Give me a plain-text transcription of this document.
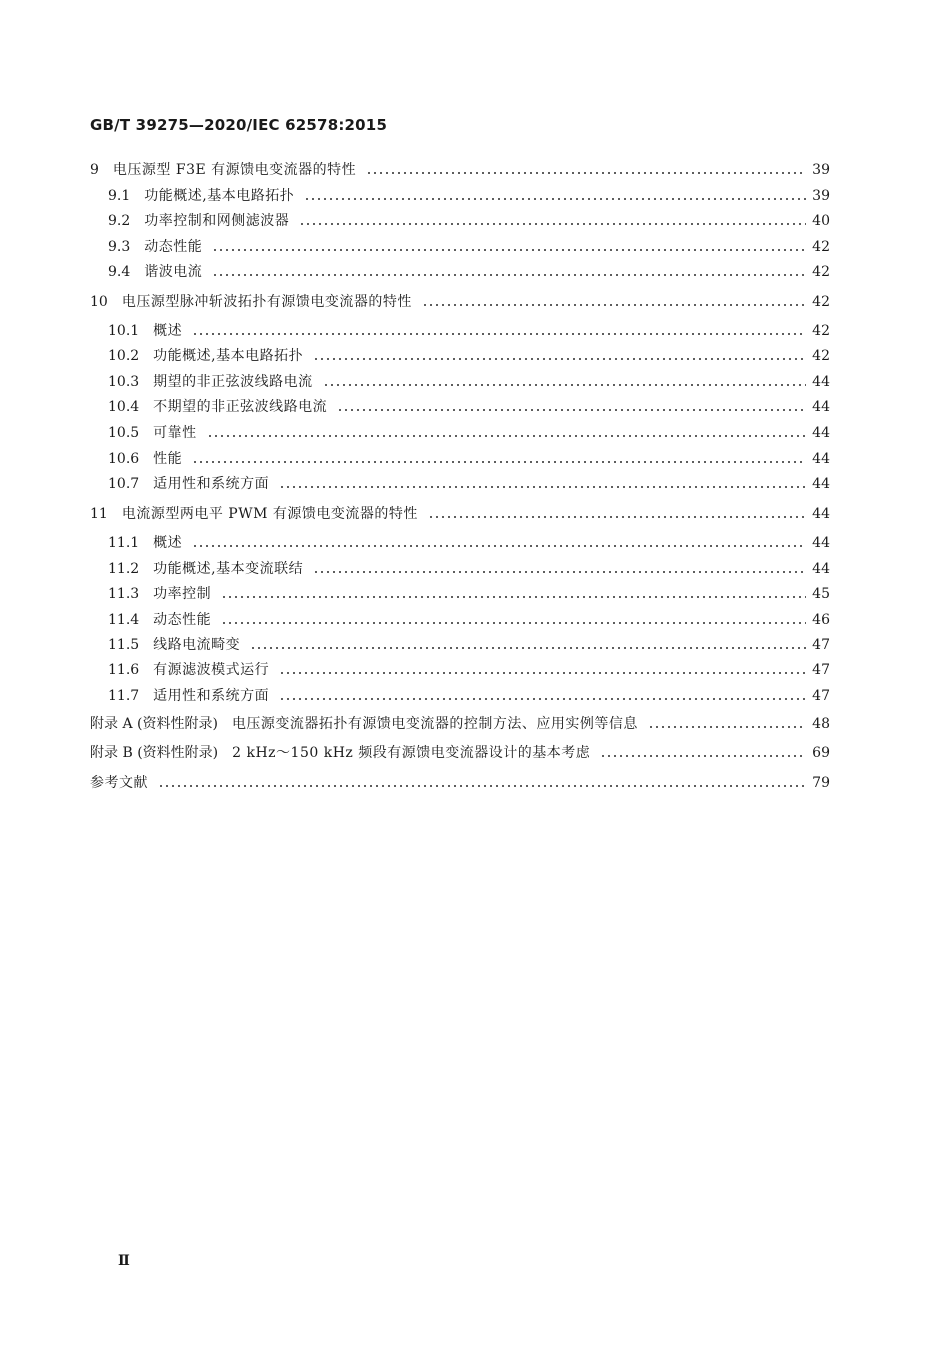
GB/T 39275—2020/IEC 62578:2015
9	电压源型 F3E 有源馈电变流器的特性	39
9.1	功能概述,基本电路拓扑	39
9.2	功率控制和网侧滤波器	40
9.3	动态性能	42
9.4	谐波电流	42
10	电压源型脉冲斩波拓扑有源馈电变流器的特性	42
10.1	概述	42
10.2	功能概述,基本电路拓扑	42
10.3	期望的非正弦波线路电流	44
10.4	不期望的非正弦波线路电流	44
10.5	可靠性	44
10.6	性能	44
10.7	适用性和系统方面	44
11	电流源型两电平 PWM 有源馈电变流器的特性	44
11.1	概述	44
11.2	功能概述,基本变流联结	44
11.3	功率控制	45
11.4	动态性能	46
11.5	线路电流畸变	47
11.6	有源滤波模式运行	47
11.7	适用性和系统方面	47
附录 A (资料性附录)	电压源变流器拓扑有源馈电变流器的控制方法、应用实例等信息	48
附录 B (资料性附录)	2 kHz～150 kHz 频段有源馈电变流器设计的基本考虑	69
参考文献	79
Ⅱ
